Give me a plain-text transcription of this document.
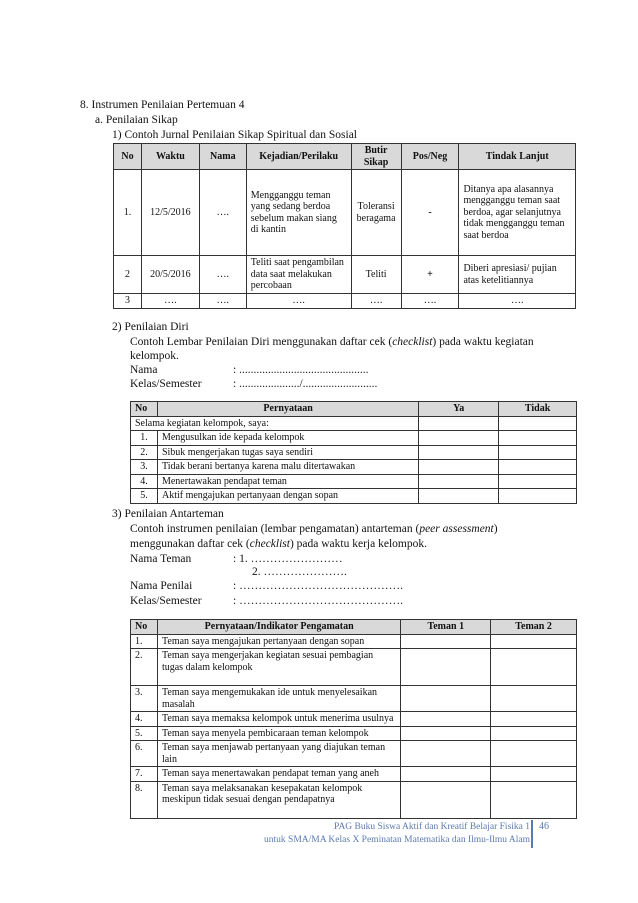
8. Instrumen Penilaian Pertemuan 4
a. Penilaian Sikap
1) Contoh Jurnal Penilaian Sikap Spiritual dan Sosial
No	Waktu	Nama	Kejadian/Perilaku	Butir Sikap	Pos/Neg	Tindak Lanjut
1.	12/5/2016	….	Mengganggu teman yang sedang berdoa sebelum makan siang di kantin	Toleransi beragama	-	Ditanya apa alasannya mengganggu teman saat berdoa, agar selanjutnya tidak mengganggu teman saat berdoa
2	20/5/2016	….	Teliti saat pengambilan data saat melakukan percobaan	Teliti	+	Diberi apresiasi/ pujian atas ketelitiannya
3	….	….	….	….	….	….
2) Penilaian Diri
Contoh Lembar Penilaian Diri menggunakan daftar cek (checklist) pada waktu kegiatan
kelompok.
Nama	: .............................................
Kelas/Semester	: ...................../..........................
No	Pernyataan	Ya	Tidak
Selama kegiatan kelompok, saya:			
1.	Mengusulkan ide kepada kelompok		
2.	Sibuk mengerjakan tugas saya sendiri		
3.	Tidak berani bertanya karena malu ditertawakan		
4.	Menertawakan pendapat teman		
5.	Aktif mengajukan pertanyaan dengan sopan		
3) Penilaian Antarteman
Contoh instrumen penilaian (lembar pengamatan) antarteman (peer assessment)
menggunakan daftar cek (checklist) pada waktu kerja kelompok.
Nama Teman	: 1. ……………………
2. ………………….
Nama Penilai	: …………………………………….
Kelas/Semester	: …………………………………….
No	Pernyataan/Indikator Pengamatan	Teman 1	Teman 2
1.	Teman saya mengajukan pertanyaan dengan sopan		
2.	Teman saya mengerjakan kegiatan sesuai pembagian tugas dalam kelompok		
3.	Teman saya mengemukakan ide untuk menyelesaikan masalah		
4.	Teman saya memaksa kelompok untuk menerima usulnya		
5.	Teman saya menyela pembicaraan teman kelompok		
6.	Teman saya menjawab pertanyaan yang diajukan teman lain		
7.	Teman saya menertawakan pendapat teman yang aneh		
8.	Teman saya melaksanakan kesepakatan kelompok meskipun tidak sesuai dengan pendapatnya		
PAG Buku Siswa Aktif dan Kreatif Belajar Fisika 1
untuk SMA/MA Kelas X Peminatan Matematika dan Ilmu-Ilmu Alam
46
